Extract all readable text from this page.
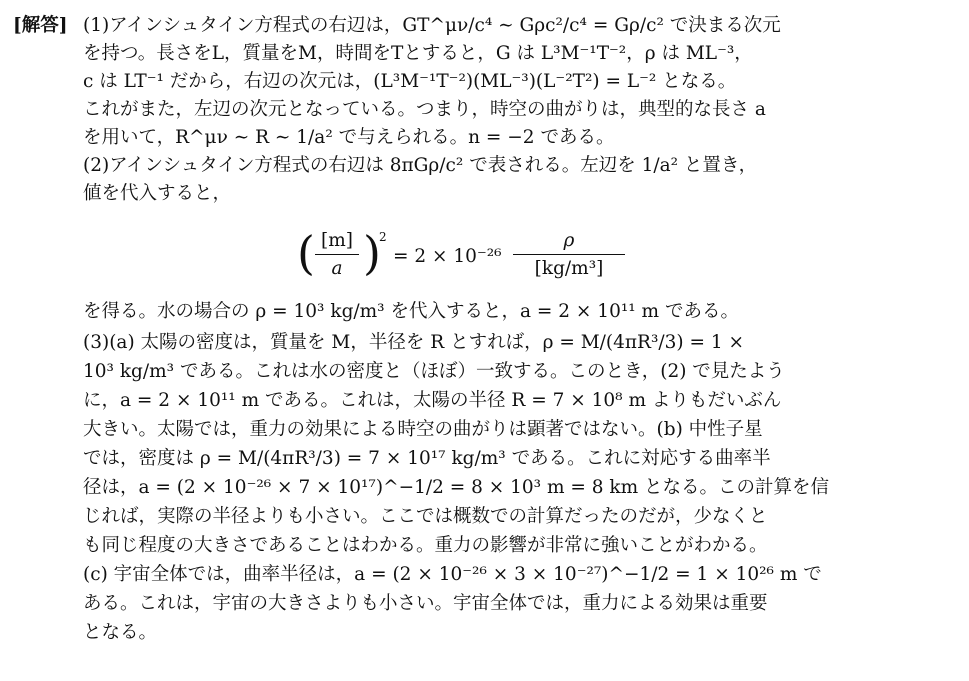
[解答] (1)アインシュタイン方程式の右辺は，GT^μν/c⁴ ∼ Gρc²/c⁴ = Gρ/c² で決まる次元
を持つ。長さをL，質量をM，時間をTとすると，G は L³M⁻¹T⁻²，ρ は ML⁻³，
c は LT⁻¹ だから，右辺の次元は，(L³M⁻¹T⁻²)(ML⁻³)(L⁻²T²) = L⁻² となる。
これがまた，左辺の次元となっている。つまり，時空の曲がりは，典型的な長さ a
を用いて，R^μν ∼ R ∼ 1/a² で与えられる。n = −2 である。
(2)アインシュタイン方程式の右辺は 8πGρ/c² で表される。左辺を 1/a² と置き，
値を代入すると，
( $\frac{[m]}{a}$ )
2
= $2 \times 10^{-26} \frac{\rho}{\text{[kg/m³]}}$
を得る。水の場合の ρ = 10³ kg/m³ を代入すると，a = 2 × 10¹¹ m である。
(3)(a) 太陽の密度は，質量を M，半径を R とすれば，ρ = M/(4πR³/3) = 1 ×
10³ kg/m³ である。これは水の密度と（ほぼ）一致する。このとき，(2) で見たよう
に，a = 2 × 10¹¹ m である。これは，太陽の半径 R = 7 × 10⁸ m よりもだいぶん
大きい。太陽では，重力の効果による時空の曲がりは顕著ではない。(b) 中性子星
では，密度は ρ = M/(4πR³/3) = 7 × 10¹⁷ kg/m³ である。これに対応する曲率半
径は，a = (2 × 10⁻²⁶ × 7 × 10¹⁷)^−1/2 = 8 × 10³ m = 8 km となる。この計算を信
じれば，実際の半径よりも小さい。ここでは概数での計算だったのだが，少なくと
も同じ程度の大きさであることはわかる。重力の影響が非常に強いことがわかる。
(c) 宇宙全体では，曲率半径は，a = (2 × 10⁻²⁶ × 3 × 10⁻²⁷)^−1/2 = 1 × 10²⁶ m で
ある。これは，宇宙の大きさよりも小さい。宇宙全体では，重力による効果は重要
となる。
